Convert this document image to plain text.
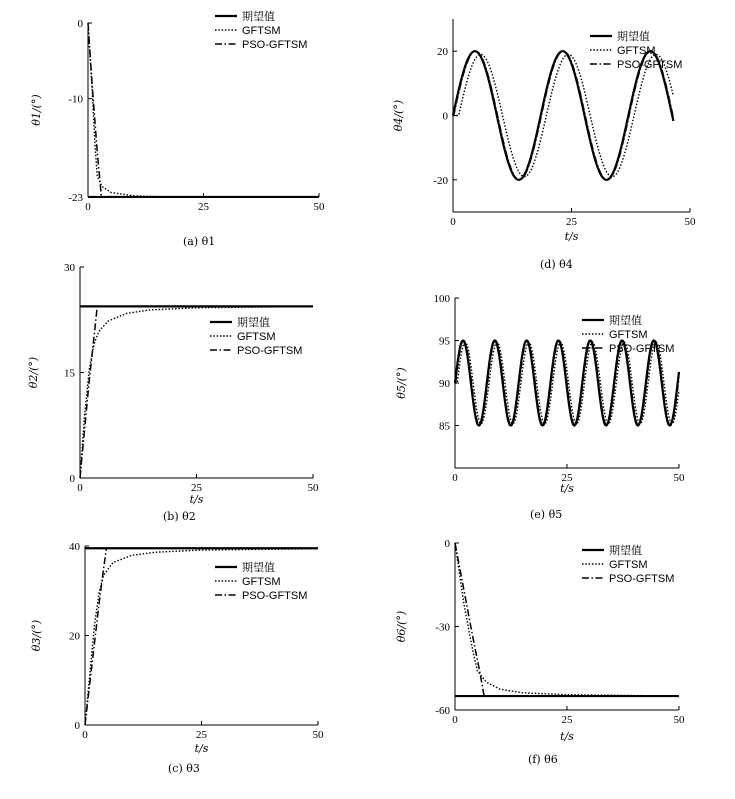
0	25	50
-23
-10
0
θ1/(°)
期望值
GFTSM
PSO-GFTSM
(a) θ1
0	25	50
0
15
30
θ2/(°)
t/s
期望值
GFTSM
PSO-GFTSM
(b) θ2
0	25	50
0
20
40
θ3/(°)
t/s
期望值
GFTSM
PSO-GFTSM
(c) θ3
0	25	50
-20
0
20
θ4/(°)
t/s
期望值
GFTSM
PSO-GFTSM
(d) θ4
0	25	50
85
90
95
100
θ5/(°)
t/s
期望值
GFTSM
PSO-GFTSM
(e) θ5
0	25	50
-60
-30
0
θ6/(°)
t/s
期望值
GFTSM
PSO-GFTSM
(f) θ6
